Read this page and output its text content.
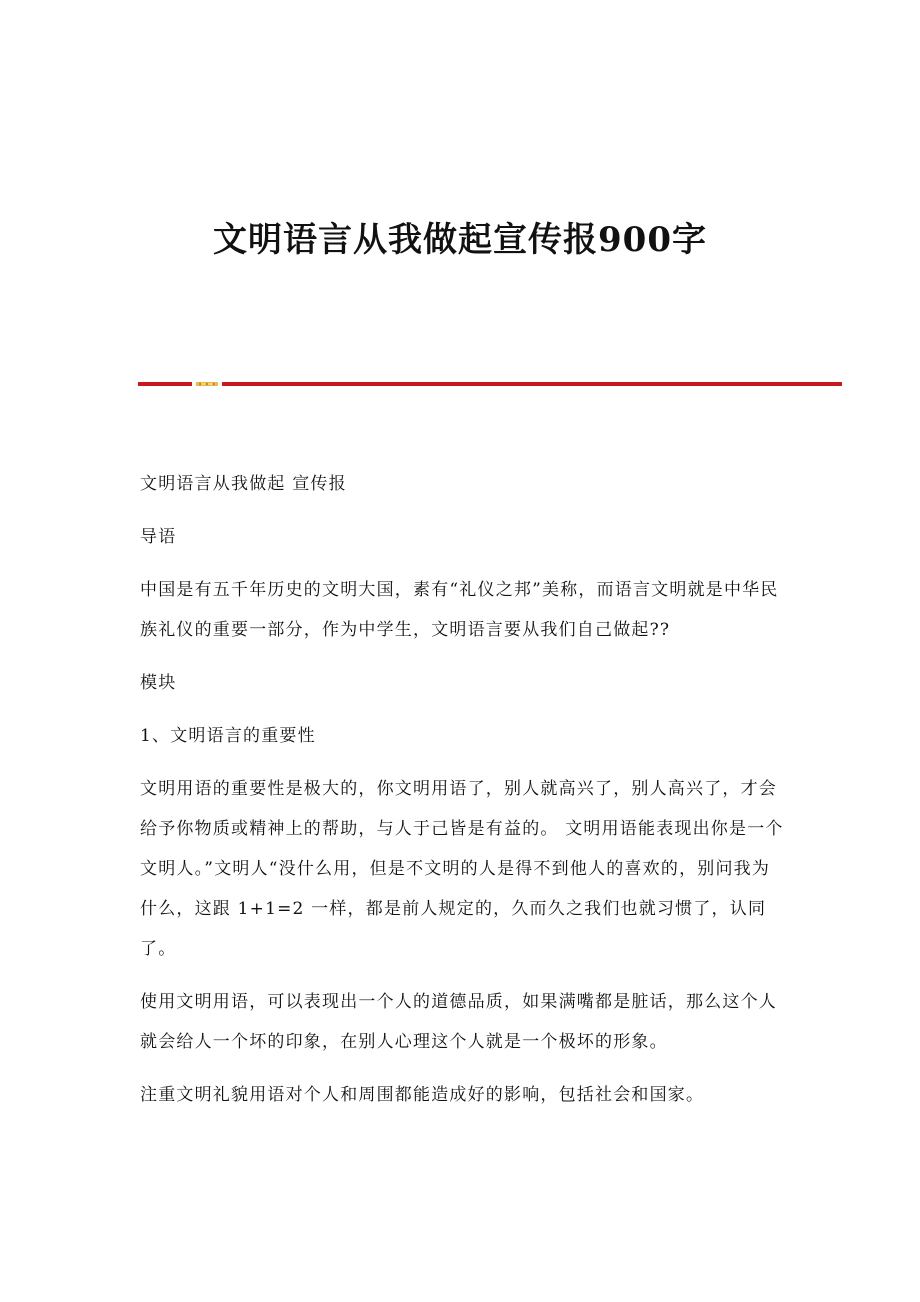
文明语言从我做起宣传报900字

文明语言从我做起 宣传报

导语

中国是有五千年历史的文明大国，素有“礼仪之邦”美称，而语言文明就是中华民族礼仪的重要一部分，作为中学生，文明语言要从我们自己做起??

模块

1、文明语言的重要性

文明用语的重要性是极大的，你文明用语了，别人就高兴了，别人高兴了，才会给予你物质或精神上的帮助，与人于己皆是有益的。 文明用语能表现出你是一个文明人。”文明人“没什么用，但是不文明的人是得不到他人的喜欢的，别问我为什么，这跟 1+1=2 一样，都是前人规定的，久而久之我们也就习惯了，认同了。

使用文明用语，可以表现出一个人的道德品质，如果满嘴都是脏话，那么这个人就会给人一个坏的印象，在别人心理这个人就是一个极坏的形象。

注重文明礼貌用语对个人和周围都能造成好的影响，包括社会和国家。
